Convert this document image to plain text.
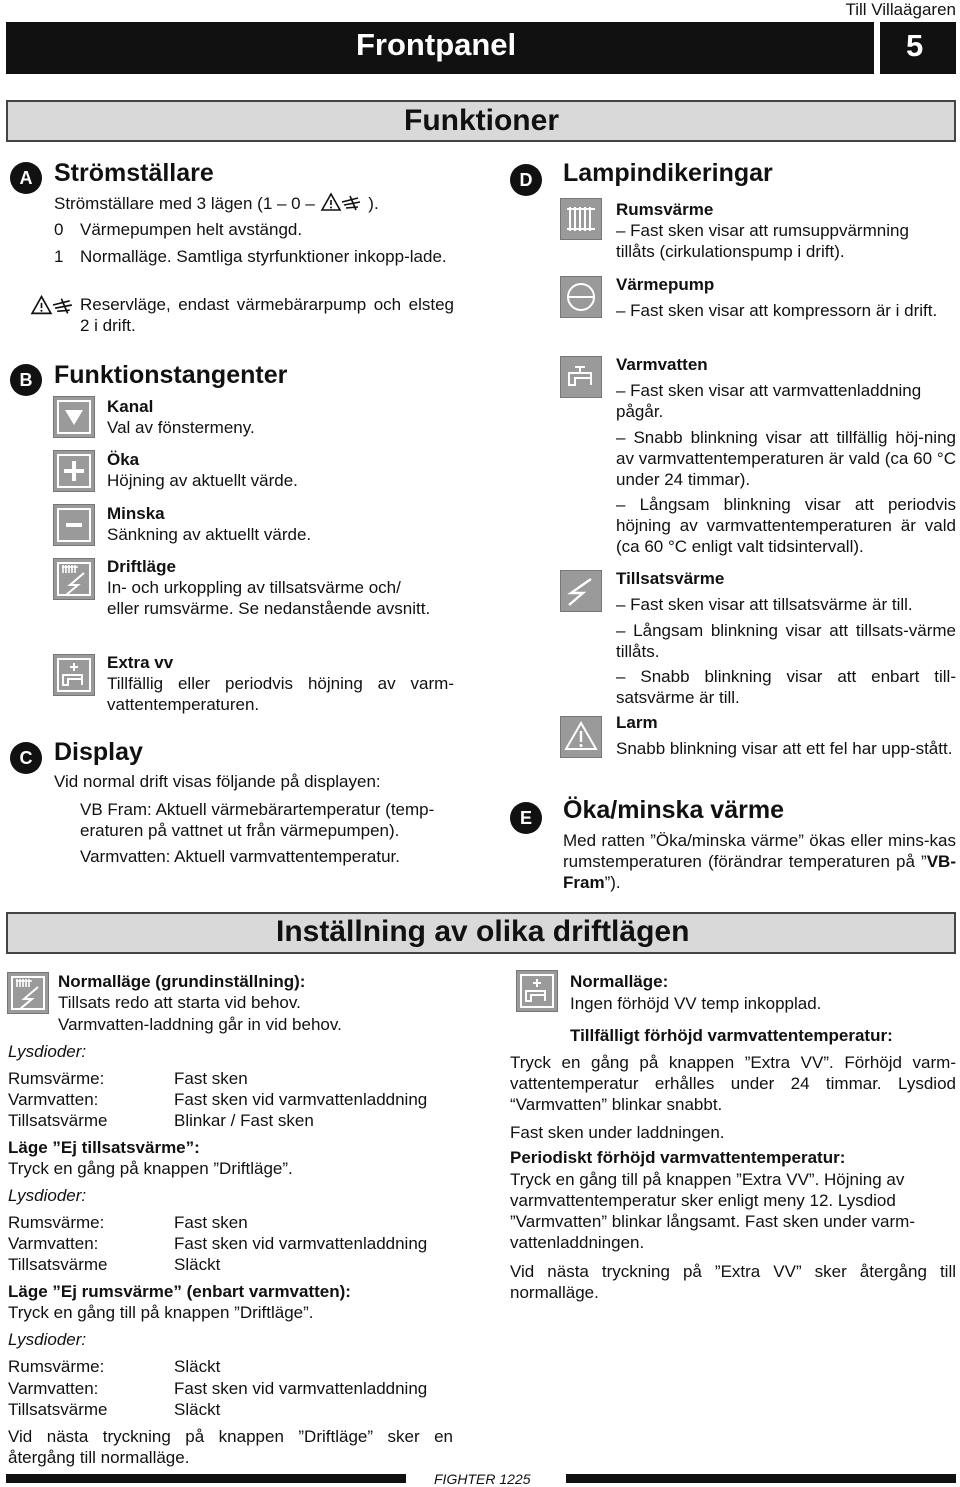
Till Villaägaren
Frontpanel	5
Funktioner
A Strömställare
Strömställare med 3 lägen (1 – 0 –	).
0 Värmepumpen helt avstängd.
1 Normalläge. Samtliga styrfunktioner inkopp-lade.
Reservläge, endast värmebärarpump och elsteg 2 i drift.
B Funktionstangenter
Kanal
Val av fönstermeny.
Öka
Höjning av aktuellt värde.
Minska
Sänkning av aktuellt värde.
Driftläge
In- och urkoppling av tillsatsvärme och/ eller rumsvärme. Se nedanstående avsnitt.
Extra vv
Tillfällig eller periodvis höjning av varm-vattentemperaturen.
C Display
Vid normal drift visas följande på displayen:
VB Fram: Aktuell värmebärartemperatur (temp-eraturen på vattnet ut från värmepumpen).
Varmvatten: Aktuell varmvattentemperatur.
D	Lampindikeringar
Rumsvärme
– Fast sken visar att rumsuppvärmning tillåts (cirkulationspump i drift).
Värmepump
– Fast sken visar att kompressorn är i drift.
Varmvatten
– Fast sken visar att varmvattenladdning pågår.
– Snabb blinkning visar att tillfällig höj-ning av varmvattentemperaturen är vald (ca 60 °C under 24 timmar).
– Långsam blinkning visar att periodvis höjning av varmvattentemperaturen är vald (ca 60 °C enligt valt tidsintervall).
Tillsatsvärme
– Fast sken visar att tillsatsvärme är till.
– Långsam blinkning visar att tillsats-värme tillåts.
– Snabb blinkning visar att enbart till-satsvärme är till.
Larm
Snabb blinkning visar att ett fel har upp-stått.
E	Öka/minska värme
Med ratten ”Öka/minska värme” ökas eller mins-kas rumstemperaturen (förändrar temperaturen på ”VB-Fram”).
Inställning av olika driftlägen
Normalläge (grundinställning):
Tillsats redo att starta vid behov.
Varmvatten-laddning går in vid behov.
Lysdioder:
Rumsvärme:	Fast sken
Varmvatten:	Fast sken vid varmvattenladdning
Tillsatsvärme	Blinkar / Fast sken
Läge ”Ej tillsatsvärme”:
Tryck en gång på knappen ”Driftläge”.
Lysdioder:
Rumsvärme:	Fast sken
Varmvatten:	Fast sken vid varmvattenladdning
Tillsatsvärme	Släckt
Läge ”Ej rumsvärme” (enbart varmvatten):
Tryck en gång till på knappen ”Driftläge”.
Lysdioder:
Rumsvärme:	Släckt
Varmvatten:	Fast sken vid varmvattenladdning
Tillsatsvärme	Släckt
Vid nästa tryckning på knappen ”Driftläge” sker en återgång till normalläge.
Normalläge:
Ingen förhöjd VV temp inkopplad.
Tillfälligt förhöjd varmvattentemperatur:
Tryck en gång på knappen ”Extra VV”. Förhöjd varm-vattentemperatur erhålles under 24 timmar. Lysdiod “Varmvatten” blinkar snabbt.
Fast sken under laddningen.
Periodiskt förhöjd varmvattentemperatur:
Tryck en gång till på knappen ”Extra VV”. Höjning av varmvattentemperatur sker enligt meny 12. Lysdiod ”Varmvatten” blinkar långsamt. Fast sken under varm-vattenladdningen.
Vid nästa tryckning på ”Extra VV” sker återgång till normalläge.
FIGHTER 1225
